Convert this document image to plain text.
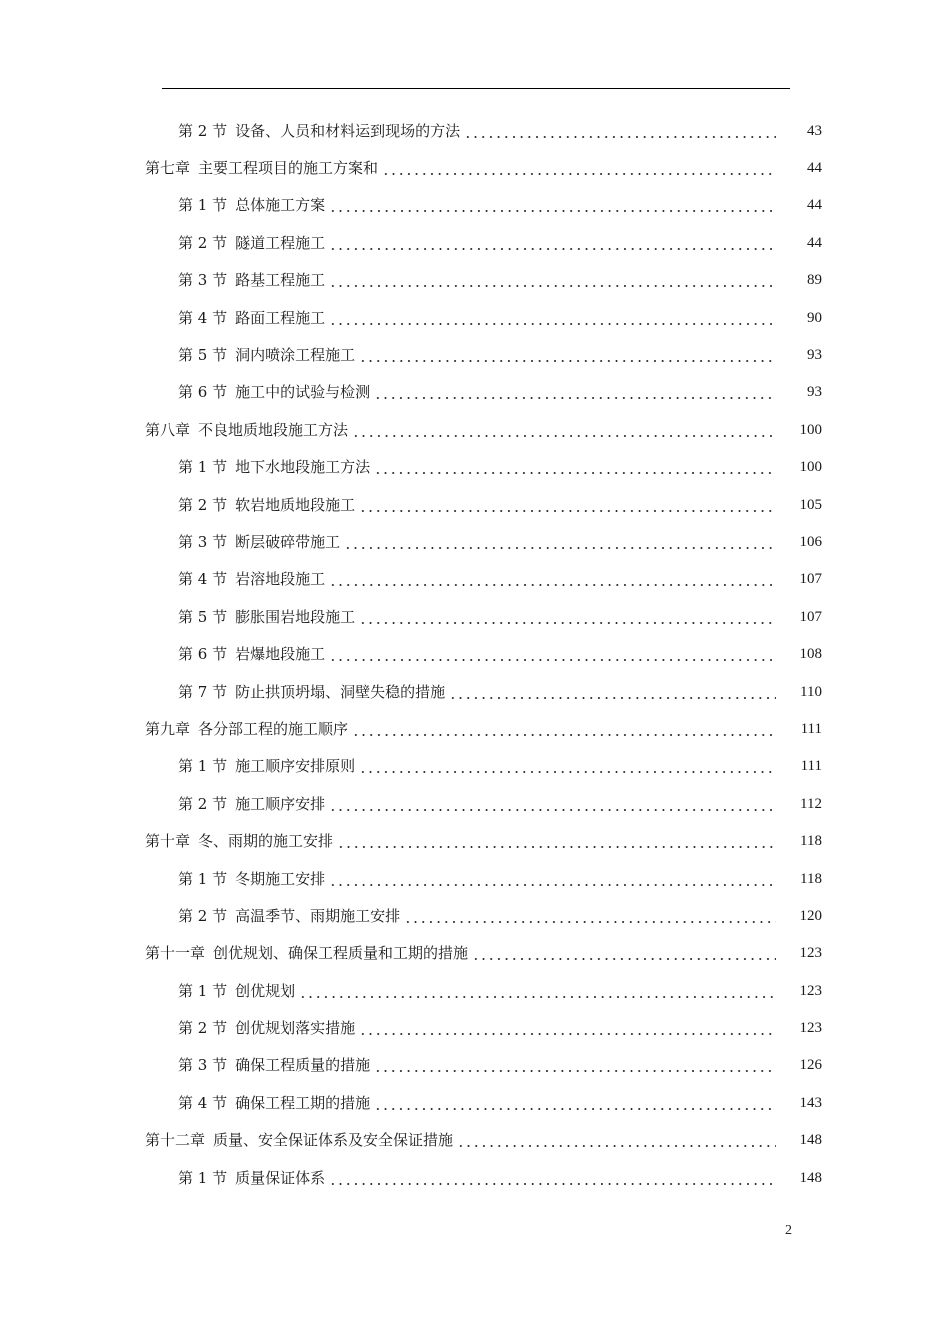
第 2 节 设备、人员和材料运到现场的方法	43
第七章 主要工程项目的施工方案和	44
第 1 节 总体施工方案	44
第 2 节 隧道工程施工	44
第 3 节 路基工程施工	89
第 4 节 路面工程施工	90
第 5 节 洞内喷涂工程施工	93
第 6 节 施工中的试验与检测	93
第八章 不良地质地段施工方法	100
第 1 节 地下水地段施工方法	100
第 2 节 软岩地质地段施工	105
第 3 节 断层破碎带施工	106
第 4 节 岩溶地段施工	107
第 5 节 膨胀围岩地段施工	107
第 6 节 岩爆地段施工	108
第 7 节 防止拱顶坍塌、洞壁失稳的措施	110
第九章 各分部工程的施工顺序	111
第 1 节 施工顺序安排原则	111
第 2 节 施工顺序安排	112
第十章 冬、雨期的施工安排	118
第 1 节 冬期施工安排	118
第 2 节 高温季节、雨期施工安排	120
第十一章 创优规划、确保工程质量和工期的措施	123
第 1 节 创优规划	123
第 2 节 创优规划落实措施	123
第 3 节 确保工程质量的措施	126
第 4 节 确保工程工期的措施	143
第十二章 质量、安全保证体系及安全保证措施	148
第 1 节 质量保证体系	148
2
